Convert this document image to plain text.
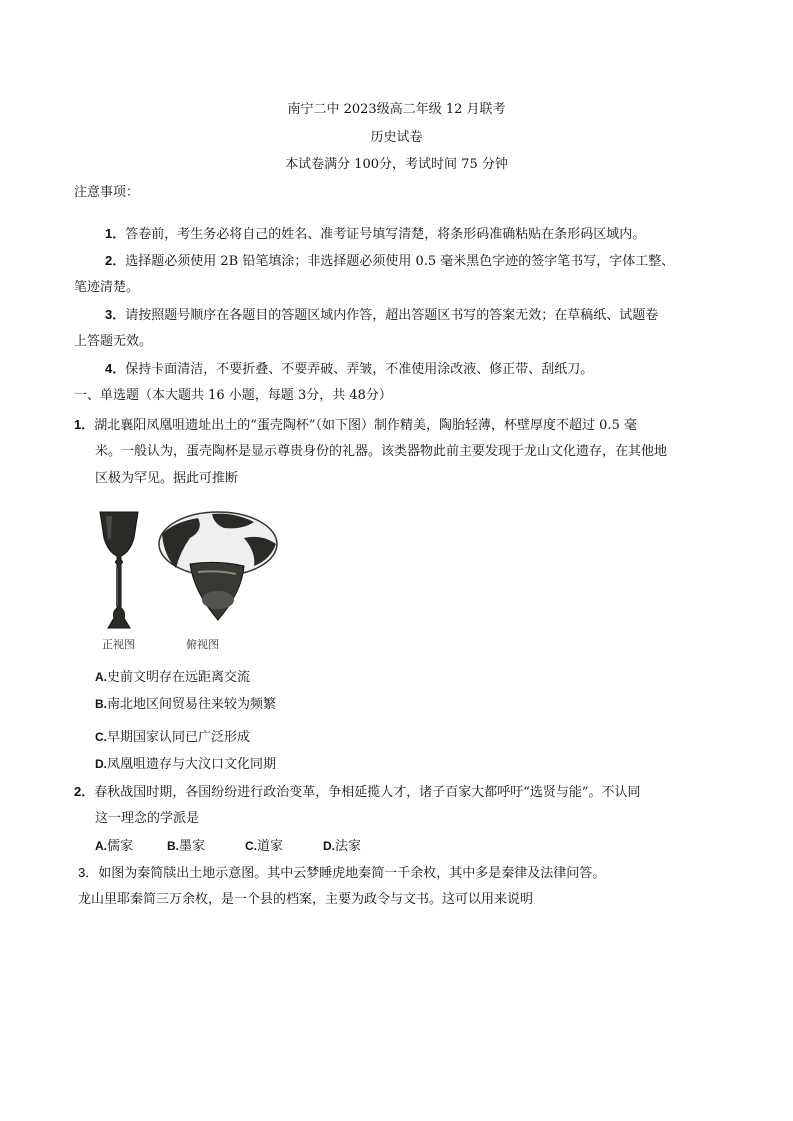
南宁二中 2023级高二年级 12 月联考
历史试卷
本试卷满分 100分，考试时间 75 分钟
注意事项：
1．答卷前，考生务必将自己的姓名、准考证号填写清楚，将条形码准确粘贴在条形码区域内。
2．选择题必须使用 2B 铅笔填涂；非选择题必须使用 0.5 毫米黑色字迹的签字笔书写，字体工整、
笔迹清楚。
3．请按照题号顺序在各题目的答题区域内作答，超出答题区书写的答案无效；在草稿纸、试题卷
上答题无效。
4．保持卡面清洁，不要折叠、不要弄破、弄皱，不准使用涂改液、修正带、刮纸刀。
一、单选题（本大题共 16 小题，每题 3分，共 48分）
1．湖北襄阳凤凰咀遗址出土的“蛋壳陶杯”（如下图）制作精美，陶胎轻薄，杯壁厚度不超过 0.5 毫
米。一般认为，蛋壳陶杯是显示尊贵身份的礼器。该类器物此前主要发现于龙山文化遗存，在其他地
区极为罕见。据此可推断
正视图	俯视图
A.史前文明存在远距离交流
B.南北地区间贸易往来较为频繁
C.早期国家认同已广泛形成
D.凤凰咀遗存与大汶口文化同期
2．春秋战国时期，各国纷纷进行政治变革，争相延揽人才，诸子百家大都呼吁“选贤与能”。不认同
这一理念的学派是
A.儒家	B.墨家	C.道家	D.法家
3．如图为秦简牍出土地示意图。其中云梦睡虎地秦简一千余枚，其中多是秦律及法律问答。
龙山里耶秦简三万余枚，是一个县的档案，主要为政令与文书。这可以用来说明
